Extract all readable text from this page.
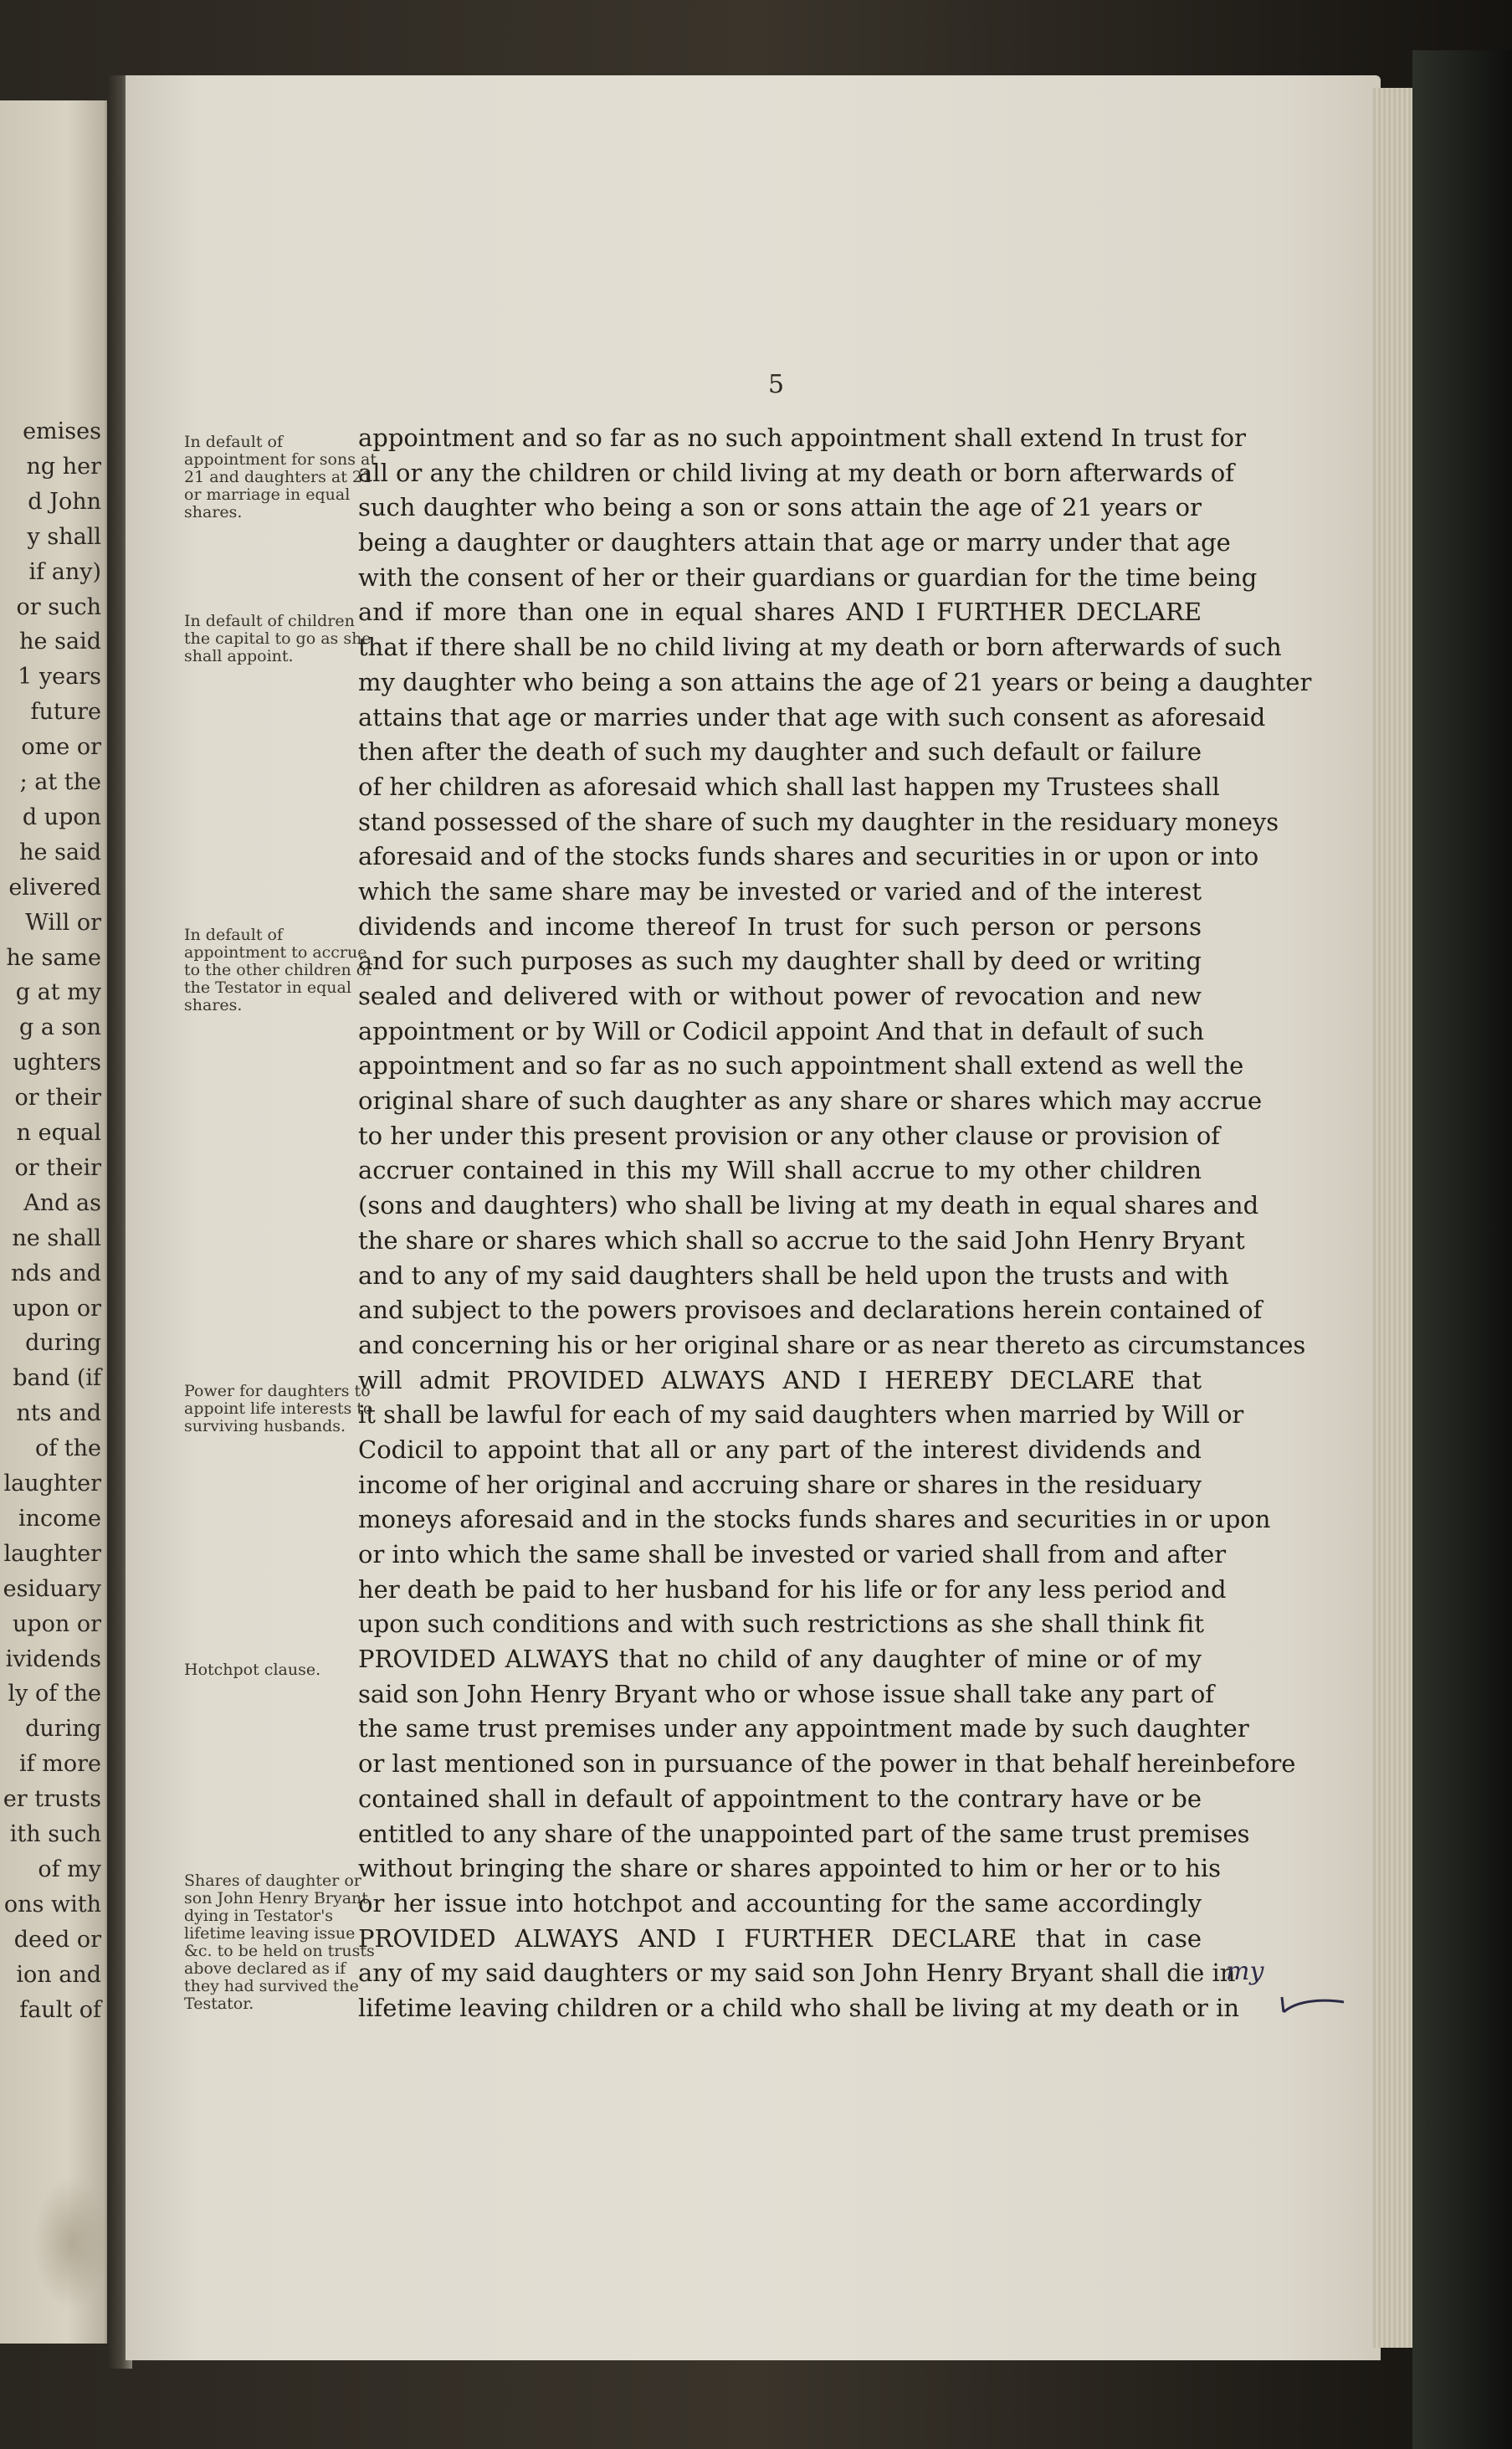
emises
ng her
d John
y shall
if any)
or such
he said
1 years
future
ome or
; at the
d upon
he said
elivered
Will or
he same
g at my
g a son
ughters
or their
n equal
or their
And as
ne shall
nds and
upon or
during
band (if
nts and
of the
laughter
income
laughter
esiduary
upon or
ividends
ly of the
during
if more
er trusts
ith such
of my
ons with
deed or
ion and
fault of
5
In default of appointment for sons at 21 and daughters at 21 or marriage in equal shares.
In default of children the capital to go as she shall appoint.
In default of appointment to accrue to the other children of the Testator in equal shares.
Power for daughters to appoint life interests to surviving husbands.
Hotchpot clause.
Shares of daughter or son John Henry Bryant dying in Testator's lifetime leaving issue &c. to be held on trusts above declared as if they had survived the Testator.
appointment and so far as no such appointment shall extend In trust for
all or any the children or child living at my death or born afterwards of
such daughter who being a son or sons attain the age of 21 years or
being a daughter or daughters attain that age or marry under that age
with the consent of her or their guardians or guardian for the time being
and if more than one in equal shares AND I FURTHER DECLARE
that if there shall be no child living at my death or born afterwards of such
my daughter who being a son attains the age of 21 years or being a daughter
attains that age or marries under that age with such consent as aforesaid
then after the death of such my daughter and such default or failure
of her children as aforesaid which shall last happen my Trustees shall
stand possessed of the share of such my daughter in the residuary moneys
aforesaid and of the stocks funds shares and securities in or upon or into
which the same share may be invested or varied and of the interest
dividends and income thereof In trust for such person or persons
and for such purposes as such my daughter shall by deed or writing
sealed and delivered with or without power of revocation and new
appointment or by Will or Codicil appoint And that in default of such
appointment and so far as no such appointment shall extend as well the
original share of such daughter as any share or shares which may accrue
to her under this present provision or any other clause or provision of
accruer contained in this my Will shall accrue to my other children
(sons and daughters) who shall be living at my death in equal shares and
the share or shares which shall so accrue to the said John Henry Bryant
and to any of my said daughters shall be held upon the trusts and with
and subject to the powers provisoes and declarations herein contained of
and concerning his or her original share or as near thereto as circumstances
will admit PROVIDED ALWAYS AND I HEREBY DECLARE that
it shall be lawful for each of my said daughters when married by Will or
Codicil to appoint that all or any part of the interest dividends and
income of her original and accruing share or shares in the residuary
moneys aforesaid and in the stocks funds shares and securities in or upon
or into which the same shall be invested or varied shall from and after
her death be paid to her husband for his life or for any less period and
upon such conditions and with such restrictions as she shall think fit
PROVIDED ALWAYS that no child of any daughter of mine or of my
said son John Henry Bryant who or whose issue shall take any part of
the same trust premises under any appointment made by such daughter
or last mentioned son in pursuance of the power in that behalf hereinbefore
contained shall in default of appointment to the contrary have or be
entitled to any share of the unappointed part of the same trust premises
without bringing the share or shares appointed to him or her or to his
or her issue into hotchpot and accounting for the same accordingly
PROVIDED ALWAYS AND I FURTHER DECLARE that in case
any of my said daughters or my said son John Henry Bryant shall die in
lifetime leaving children or a child who shall be living at my death or in
my
